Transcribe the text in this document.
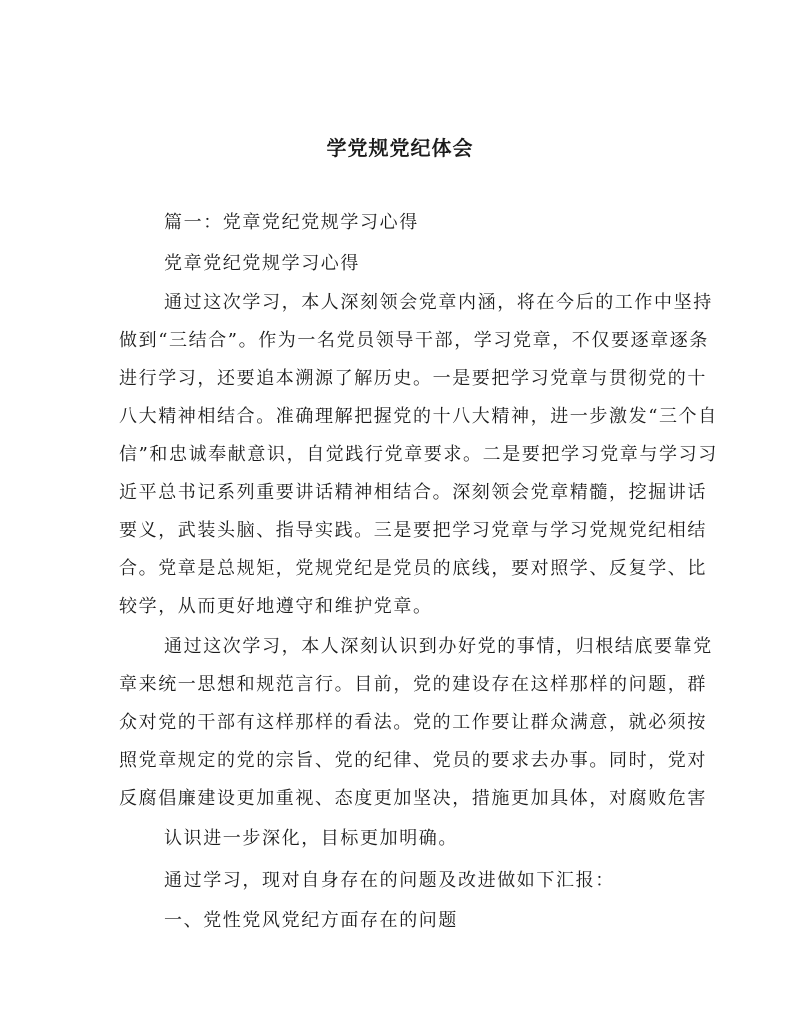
学党规党纪体会
篇一：党章党纪党规学习心得
党章党纪党规学习心得
通过这次学习，本人深刻领会党章内涵，将在今后的工作中坚持
做到“三结合”。作为一名党员领导干部，学习党章，不仅要逐章逐条
进行学习，还要追本溯源了解历史。一是要把学习党章与贯彻党的十
八大精神相结合。准确理解把握党的十八大精神，进一步激发“三个自
信”和忠诚奉献意识，自觉践行党章要求。二是要把学习党章与学习习
近平总书记系列重要讲话精神相结合。深刻领会党章精髓，挖掘讲话
要义，武装头脑、指导实践。三是要把学习党章与学习党规党纪相结
合。党章是总规矩，党规党纪是党员的底线，要对照学、反复学、比
较学，从而更好地遵守和维护党章。
通过这次学习，本人深刻认识到办好党的事情，归根结底要靠党
章来统一思想和规范言行。目前，党的建设存在这样那样的问题，群
众对党的干部有这样那样的看法。党的工作要让群众满意，就必须按
照党章规定的党的宗旨、党的纪律、党员的要求去办事。同时，党对
反腐倡廉建设更加重视、态度更加坚决，措施更加具体，对腐败危害
认识进一步深化，目标更加明确。
通过学习，现对自身存在的问题及改进做如下汇报：
一、党性党风党纪方面存在的问题
